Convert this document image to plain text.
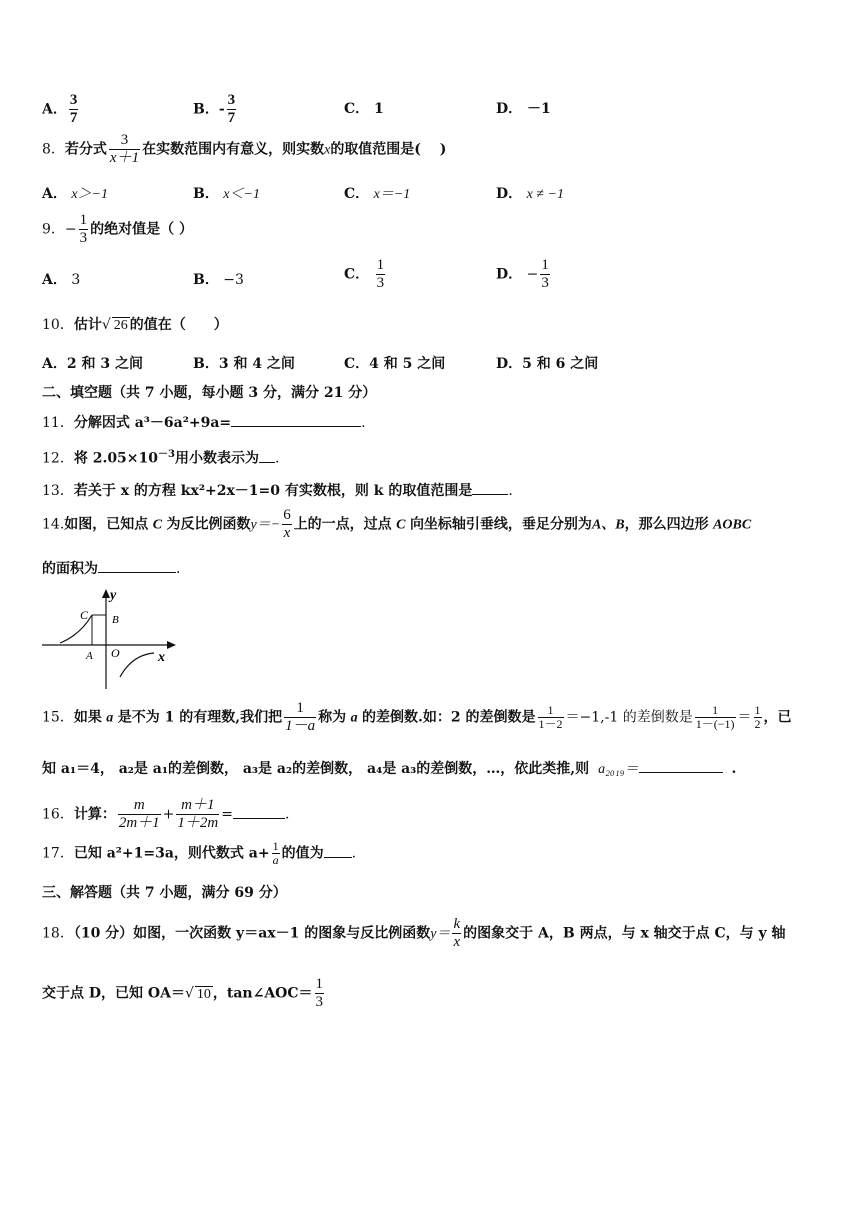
A． $\frac{3}{7}$	B．- $\frac{3}{7}$	C． 1	D． －1
8．若分式 $\frac{3}{x+1}$ 在实数范围内有意义，则实数x的取值范围是(　 )
A． x＞−1	B． x＜−1	C． x＝−1	D． x ≠ −1
9．− $\frac{1}{3}$ 的绝对值是（ ）
A． 3	B． −3	C． $\frac{1}{3}$	D． − $\frac{1}{3}$
10．估计√ 26 的值在（　　）
A．2 和 3 之间	B．3 和 4 之间	C．4 和 5 之间	D．5 和 6 之间
二、填空题（共 7 小题，每小题 3 分，满分 21 分）
11．分解因式 a³－6a²+9a=	.
12．将 $2.05\times 10^{-3}$用小数表示为 .
13．若关于 x 的方程 kx²+2x－1=0 有实数根，则 k 的取值范围是	.
14.如图，已知点 C 为反比例函数$y=- \frac{6}{x}$ 上的一点，过点 C 向坐标轴引垂线，垂足分别为A、B，那么四边形 AOBC
的面积为	.
y
x
C B
A O
15．如果 a 是不为 1 的有理数,我们把 $\frac{1}{1-a}$ 称为 a 的差倒数.如：2 的差倒数是 $\frac{1}{1-2} =-1,-1$ 的差倒数是 $\frac{1}{1-(-1)} = \frac{1}{2}$ ，已
知 a₁＝4， a₂是 a₁的差倒数， a₃是 a₂的差倒数， a₄是 a₃的差倒数，…，依此类推,则 a₂₀₁₉＝	.
16．计算： $\frac{m}{2m+1} + \frac{m+1}{1+2m}$ =	.
17．已知 a²+1=3a，则代数式 $a+ \frac{1}{a}$ 的值为 .
三、解答题（共 7 小题，满分 69 分）
18．（10 分）如图，一次函数 y＝ax－1 的图象与反比例函数$y= \frac{k}{x}$ 的图象交于 A，B 两点，与 x 轴交于点 C，与 y 轴
交于点 D，已知 OA＝√ 10 ，tan∠AOC＝ $\frac{1}{3}$
